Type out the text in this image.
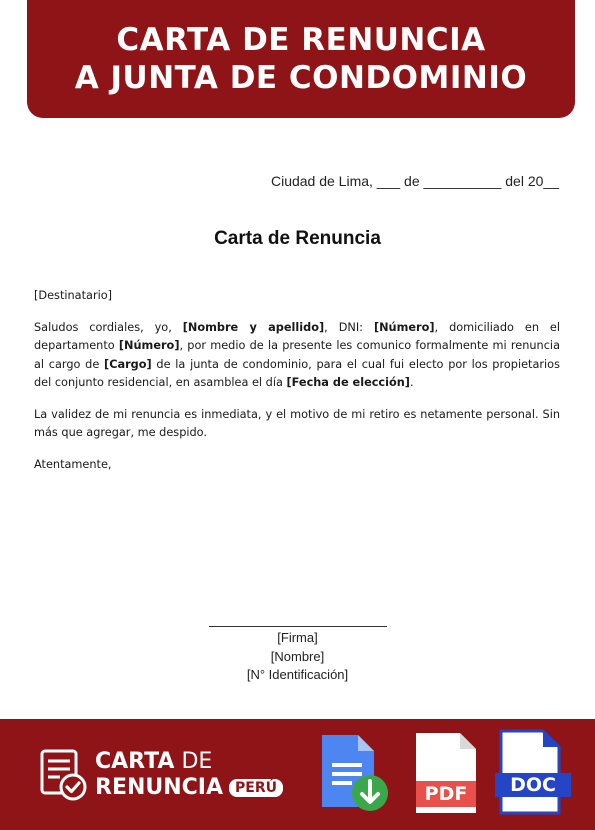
CARTA DE RENUNCIA
A JUNTA DE CONDOMINIO
Ciudad de Lima, ___ de __________ del 20__
Carta de Renuncia

[Destinatario]

Saludos cordiales, yo, [Nombre y apellido], DNI: [Número], domiciliado en el departamento [Número], por medio de la presente les comunico formalmente mi renuncia al cargo de [Cargo] de la junta de condominio, para el cual fui electo por los propietarios del conjunto residencial, en asamblea el día [Fecha de elección].

La validez de mi renuncia es inmediata, y el motivo de mi retiro es netamente personal. Sin más que agregar, me despido.

Atentamente,

[Firma]
[Nombre]
[N° Identificación]
CARTA DE
RENUNCIA PERÚ	PDF	DOC
